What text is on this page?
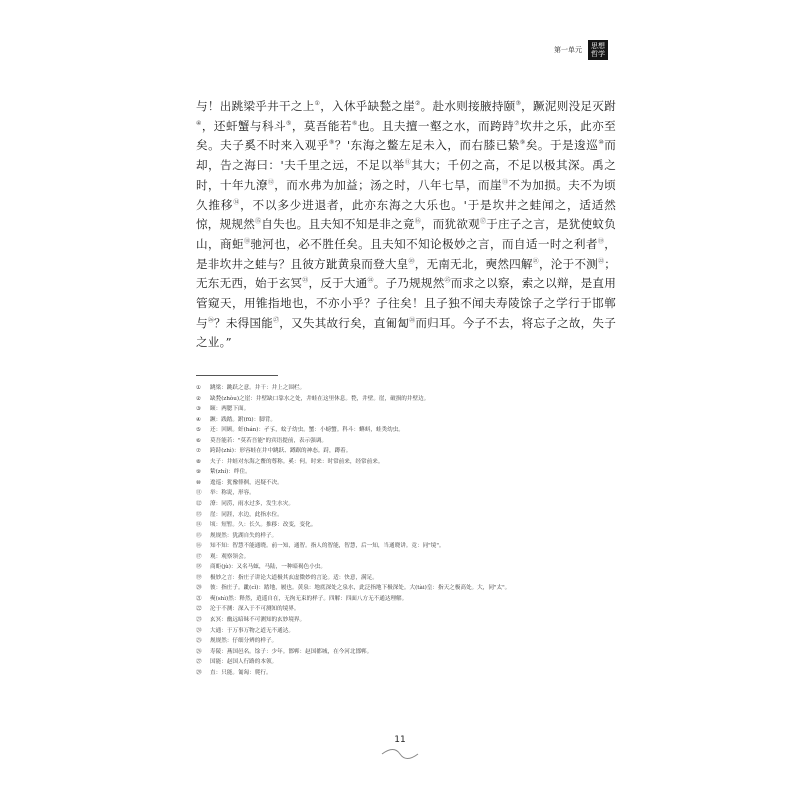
第一单元	思想哲学

与！出跳梁乎井干之上①，入休乎缺甃之崖②。赴水则接腋持颐③，蹶泥则没足灭跗④，还虷蟹与科斗⑤，莫吾能若⑥也。且夫擅一壑之水，而跨跱⑦坎井之乐，此亦至矣。夫子奚不时来入观乎⑧？'东海之鳖左足未入，而右膝已絷⑨矣。于是逡巡⑩而却，告之海曰：'夫千里之远，不足以举⑪其大；千仞之高，不足以极其深。禹之时，十年九潦⑫，而水弗为加益；汤之时，八年七旱，而崖⑬不为加损。夫不为顷久推移⑭，不以多少进退者，此亦东海之大乐也。'于是坎井之蛙闻之，适适然惊，规规然⑮自失也。且夫知不知是非之竟⑯，而犹欲观⑰于庄子之言，是犹使蚊负山，商蚷⑱驰河也，必不胜任矣。且夫知不知论极妙之言，而自适一时之利者⑲，是非坎井之蛙与？且彼方跐黄泉而登大皇⑳，无南无北，奭然四解$^㉑$，沦于不测$^㉒$；无东无西，始于玄冥$^㉓$，反于大通$^㉔$。子乃规规然$^㉕$而求之以察，索之以辩，是直用管窥天，用锥指地也，不亦小乎？子往矣！且子独不闻夫寿陵馀子之学行于邯郸与$^㉖$？未得国能$^㉗$，又失其故行矣，直匍匐$^㉘$而归耳。今子不去，将忘子之故，失子之业。”

①	跳梁：跳跃之意。井干：井上之围栏。
②	缺甃(zhòu)之崖：井壁缺口靠水之处，井蛙在这里休息。甃，井壁。崖，破损的井壁边。
③	颐：两腮下面。
④	蹶：践踏。跗(fū)：脚背。
⑤	还：回顾。虷(hán)：孑孓，蚊子幼虫。蟹：小螃蟹。科斗：蝌蚪，蛙类幼虫。
⑥	莫吾能若："莫若吾能"的宾语提前，表示强调。
⑦	跨跱(zhì)：形容蛙在井中跳跃、蹲踞的神态。跱，蹲着。
⑧	夫子：井蛙对东海之鳖的尊称。奚：何。时来：时常前来，经常前来。
⑨	絷(zhí)：绊住。
⑩	逡巡：犹豫徘徊，迟疑不决。
⑪	举：称说，形容。
⑫	潦：同涝，雨水过多，发生水灾。
⑬	崖：同涯，水边，此指水位。
⑭	顷：短暂。久：长久。推移：改变，变化。
⑮	规规然：犹湖自失的样子。
⑯	知不知：智慧不能通晓。前一知，通智。指人的智能，智慧，后一知，当通晓讲。竟：同"境"。
⑰	观：观察领会。
⑱	商蚷(jù)：又名马蚿，马陆，一种暗褐色小虫。
⑲	极妙之言：指庄子讲论大道极其玄虚微妙的言论。适：快意，满足。
⑳	彼：指庄子。跐(cǐ)：踏地，履也。黄泉：地底深处之泉水，此泛指地下极深处。大(tài)皇：指天之极高处。大，同"太"。
㉑	奭(shì)然：释然，逍遥自在，无拘无束的样子。四解：四面八方无不通达理解。
㉒	沦于不测：深入于不可测知的境界。
㉓	玄冥：幽远暗昧不可测知的玄妙境界。
㉔	大通：于万事万物之道无不通达。
㉕	规规然：仔细分辨的样子。
㉖	寿陵：燕国邑名。馀子：少年。邯郸：赵国都城，在今河北邯郸。
㉗	国能：赵国人行路的本领。
㉘	直：只能。匍匐：爬行。
11
